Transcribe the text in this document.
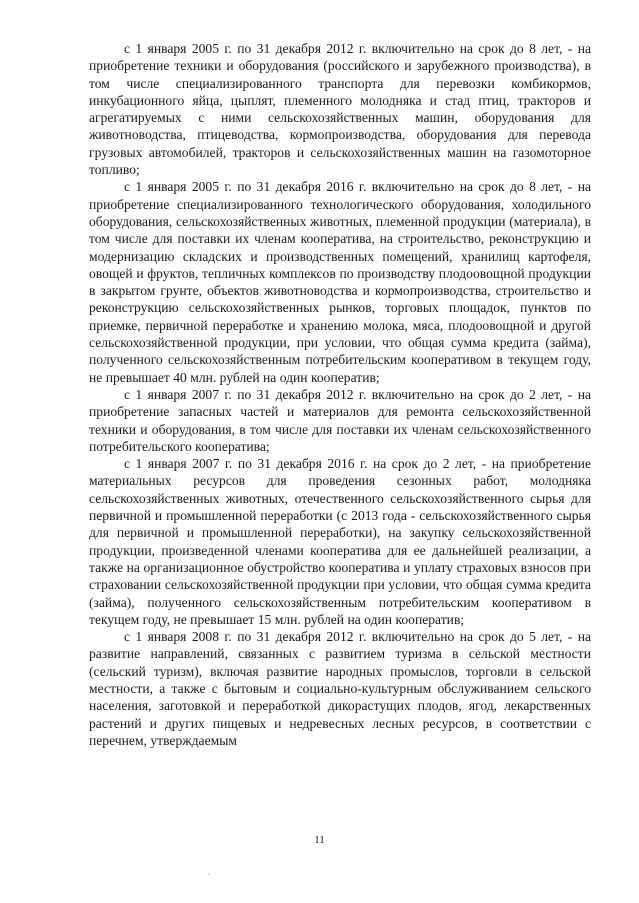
с 1 января 2005 г. по 31 декабря 2012 г. включительно на срок до 8 лет, - на приобретение техники и оборудования (российского и зарубежного производства), в том числе специализированного транспорта для перевозки комбикормов, инкубационного яйца, цыплят, племенного молодняка и стад птиц, тракторов и агрегатируемых с ними сельскохозяйственных машин, оборудования для животноводства, птицеводства, кормопроизводства, оборудования для перевода грузовых автомобилей, тракторов и сельскохозяйственных машин на газомоторное топливо;

с 1 января 2005 г. по 31 декабря 2016 г. включительно на срок до 8 лет, - на приобретение специализированного технологического оборудования, холодильного оборудования, сельскохозяйственных животных, племенной продукции (материала), в том числе для поставки их членам кооператива, на строительство, реконструкцию и модернизацию складских и производственных помещений, хранилищ картофеля, овощей и фруктов, тепличных комплексов по производству плодоовощной продукции в закрытом грунте, объектов животноводства и кормопроизводства, строительство и реконструкцию сельскохозяйственных рынков, торговых площадок, пунктов по приемке, первичной переработке и хранению молока, мяса, плодоовощной и другой сельскохозяйственной продукции, при условии, что общая сумма кредита (займа), полученного сельскохозяйственным потребительским кооперативом в текущем году, не превышает 40 млн. рублей на один кооператив;

с 1 января 2007 г. по 31 декабря 2012 г. включительно на срок до 2 лет, - на приобретение запасных частей и материалов для ремонта сельскохозяйственной техники и оборудования, в том числе для поставки их членам сельскохозяйственного потребительского кооператива;

с 1 января 2007 г. по 31 декабря 2016 г. на срок до 2 лет, - на приобретение материальных ресурсов для проведения сезонных работ, молодняка сельскохозяйственных животных, отечественного сельскохозяйственного сырья для первичной и промышленной переработки (с 2013 года - сельскохозяйственного сырья для первичной и промышленной переработки), на закупку сельскохозяйственной продукции, произведенной членами кооператива для ее дальнейшей реализации, а также на организационное обустройство кооператива и уплату страховых взносов при страховании сельскохозяйственной продукции при условии, что общая сумма кредита (займа), полученного сельскохозяйственным потребительским кооперативом в текущем году, не превышает 15 млн. рублей на один кооператив;

с 1 января 2008 г. по 31 декабря 2012 г. включительно на срок до 5 лет, - на развитие направлений, связанных с развитием туризма в сельской местности (сельский туризм), включая развитие народных промыслов, торговли в сельской местности, а также с бытовым и социально-культурным обслуживанием сельского населения, заготовкой и переработкой дикорастущих плодов, ягод, лекарственных растений и других пищевых и недревесных лесных ресурсов, в соответствии с перечнем, утверждаемым

11
